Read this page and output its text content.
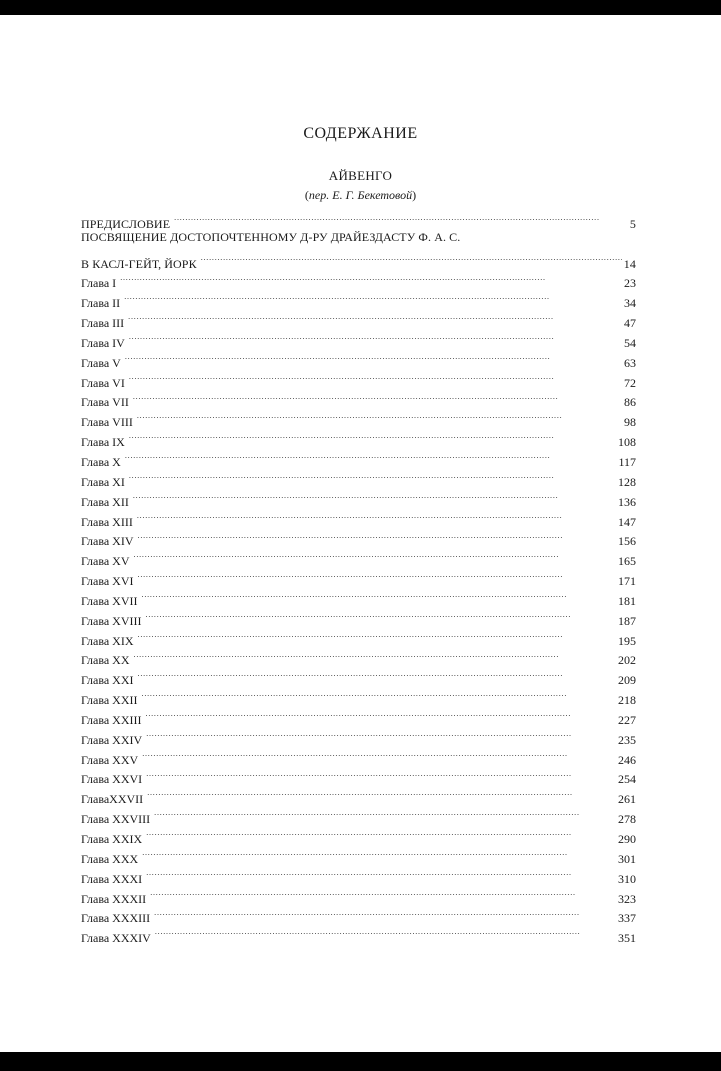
СОДЕРЖАНИЕ
АЙВЕНГО
(пер. Е. Г. Бекетовой)
ПРЕДИСЛОВИЕ . . .	5
ПОСВЯЩЕНИЕ ДОСТОПОЧТЕННОМУ Д-РУ ДРАЙЕЗДАСТУ Ф. А. С.
В КАСЛ-ГЕЙТ, ЙОРК . . .	14
Глава I . . .	23
Глава II . . .	34
Глава III . . .	47
Глава IV . . .	54
Глава V . . .	63
Глава VI . . .	72
Глава VII . . .	86
Глава VIII . . .	98
Глава IX . . .	108
Глава X . . .	117
Глава XI . . .	128
Глава XII . . .	136
Глава XIII . . .	147
Глава XIV . . .	156
Глава XV . . .	165
Глава XVI . . .	171
Глава XVII . . .	181
Глава XVIII . . .	187
Глава XIX . . .	195
Глава XX . . .	202
Глава XXI . . .	209
Глава XXII . . .	218
Глава XXIII . . .	227
Глава XXIV . . .	235
Глава XXV . . .	246
Глава XXVI . . .	254
ГлаваXXVII . . .	261
Глава XXVIII . . .	278
Глава XXIX . . .	290
Глава XXX . . .	301
Глава XXXI . . .	310
Глава XXXII . . .	323
Глава XXXIII . . .	337
Глава XXXIV . . .	351
